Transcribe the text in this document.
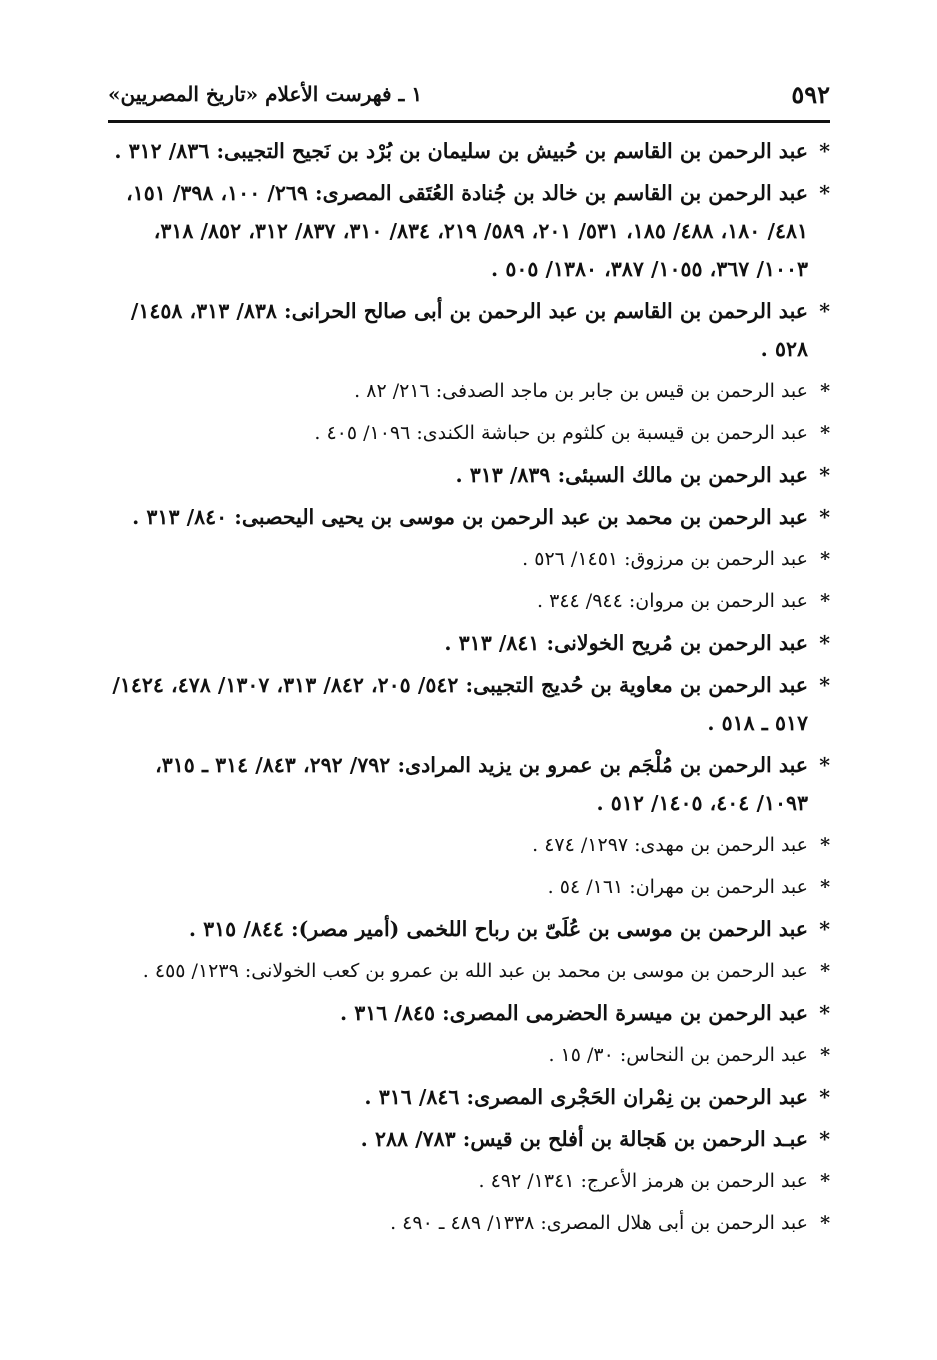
٥٩٢
١ ـ فهرست الأعلام «تاريخ المصريين»
*
عبد الرحمن بن القاسم بن حُبيش بن سليمان بن بُرْد بن نَجيح التجيبى: ٨٣٦/ ٣١٢ .
*
عبد الرحمن بن القاسم بن خالد بن جُنادة العُتَقى المصرى: ٢٦٩/ ١٠٠، ٣٩٨/ ١٥١، ٤٨١/ ١٨٠، ٤٨٨/ ١٨٥، ٥٣١/ ٢٠١، ٥٨٩/ ٢١٩، ٨٣٤/ ٣١٠، ٨٣٧/ ٣١٢، ٨٥٢/ ٣١٨، ١٠٠٣/ ٣٦٧، ١٠٥٥/ ٣٨٧، ١٣٨٠/ ٥٠٥ .
*
عبد الرحمن بن القاسم بن عبد الرحمن بن أبى صالح الحرانى: ٨٣٨/ ٣١٣، ١٤٥٨/ ٥٢٨ .
*
عبد الرحمن بن قيس بن جابر بن ماجد الصدفى: ٢١٦/ ٨٢ .
*
عبد الرحمن بن قيسبة بن كلثوم بن حباشة الكندى: ١٠٩٦/ ٤٠٥ .
*
عبد الرحمن بن مالك السبئى: ٨٣٩/ ٣١٣ .
*
عبد الرحمن بن محمد بن عبد الرحمن بن موسى بن يحيى اليحصبى: ٨٤٠/ ٣١٣ .
*
عبد الرحمن بن مرزوق: ١٤٥١/ ٥٢٦ .
*
عبد الرحمن بن مروان: ٩٤٤/ ٣٤٤ .
*
عبد الرحمن بن مُريح الخولانى: ٨٤١/ ٣١٣ .
*
عبد الرحمن بن معاوية بن حُديج التجيبى: ٥٤٢/ ٢٠٥، ٨٤٢/ ٣١٣، ١٣٠٧/ ٤٧٨، ١٤٢٤/ ٥١٧ ـ ٥١٨ .
*
عبد الرحمن بن مُلْجَم بن عمرو بن يزيد المرادى: ٧٩٢/ ٢٩٢، ٨٤٣/ ٣١٤ ـ ٣١٥، ١٠٩٣/ ٤٠٤، ١٤٠٥/ ٥١٢ .
*
عبد الرحمن بن مهدى: ١٢٩٧/ ٤٧٤ .
*
عبد الرحمن بن مهران: ١٦١/ ٥٤ .
*
عبد الرحمن بن موسى بن عُلَىّ بن رباح اللخمى (أمير مصر): ٨٤٤/ ٣١٥ .
*
عبد الرحمن بن موسى بن محمد بن عبد الله بن عمرو بن كعب الخولانى: ١٢٣٩/ ٤٥٥ .
*
عبد الرحمن بن ميسرة الحضرمى المصرى: ٨٤٥/ ٣١٦ .
*
عبد الرحمن بن النحاس: ٣٠/ ١٥ .
*
عبد الرحمن بن نِمْران الحَجْرى المصرى: ٨٤٦/ ٣١٦ .
*
عبـد الرحمن بن هَجالة بن أفلح بن قيس: ٧٨٣/ ٢٨٨ .
*
عبد الرحمن بن هرمز الأعرج: ١٣٤١/ ٤٩٢ .
*
عبد الرحمن بن أبى هلال المصرى: ١٣٣٨/ ٤٨٩ ـ ٤٩٠ .
